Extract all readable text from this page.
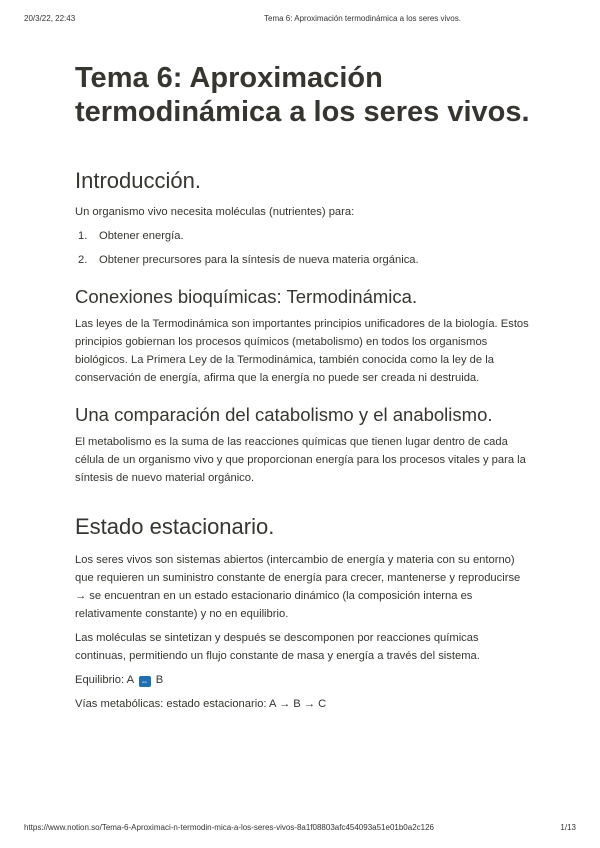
20/3/22, 22:43	Tema 6: Aproximación termodinámica a los seres vivos.
Tema 6: Aproximación termodinámica a los seres vivos.
Introducción.

Un organismo vivo necesita moléculas (nutrientes) para:

1.	Obtener energía.
2.	Obtener precursores para la síntesis de nueva materia orgánica.
Conexiones bioquímicas: Termodinámica.

Las leyes de la Termodinámica son importantes principios unificadores de la biología. Estos principios gobiernan los procesos químicos (metabolismo) en todos los organismos biológicos. La Primera Ley de la Termodinámica, también conocida como la ley de la conservación de energía, afirma que la energía no puede ser creada ni destruida.

Una comparación del catabolismo y el anabolismo.

El metabolismo es la suma de las reacciones químicas que tienen lugar dentro de cada célula de un organismo vivo y que proporcionan energía para los procesos vitales y para la síntesis de nuevo material orgánico.

Estado estacionario.

Los seres vivos son sistemas abiertos (intercambio de energía y materia con su entorno) que requieren un suministro constante de energía para crecer, mantenerse y reproducirse → se encuentran en un estado estacionario dinámico (la composición interna es relativamente constante) y no en equilibrio.

Las moléculas se sintetizan y después se descomponen por reacciones químicas continuas, permitiendo un flujo constante de masa y energía a través del sistema.

Equilibrio: A ⇔ B

Vías metabólicas: estado estacionario: A → B → C

https://www.notion.so/Tema-6-Aproximaci-n-termodin-mica-a-los-seres-vivos-8a1f08803afc454093a51e01b0a2c126	1/13
